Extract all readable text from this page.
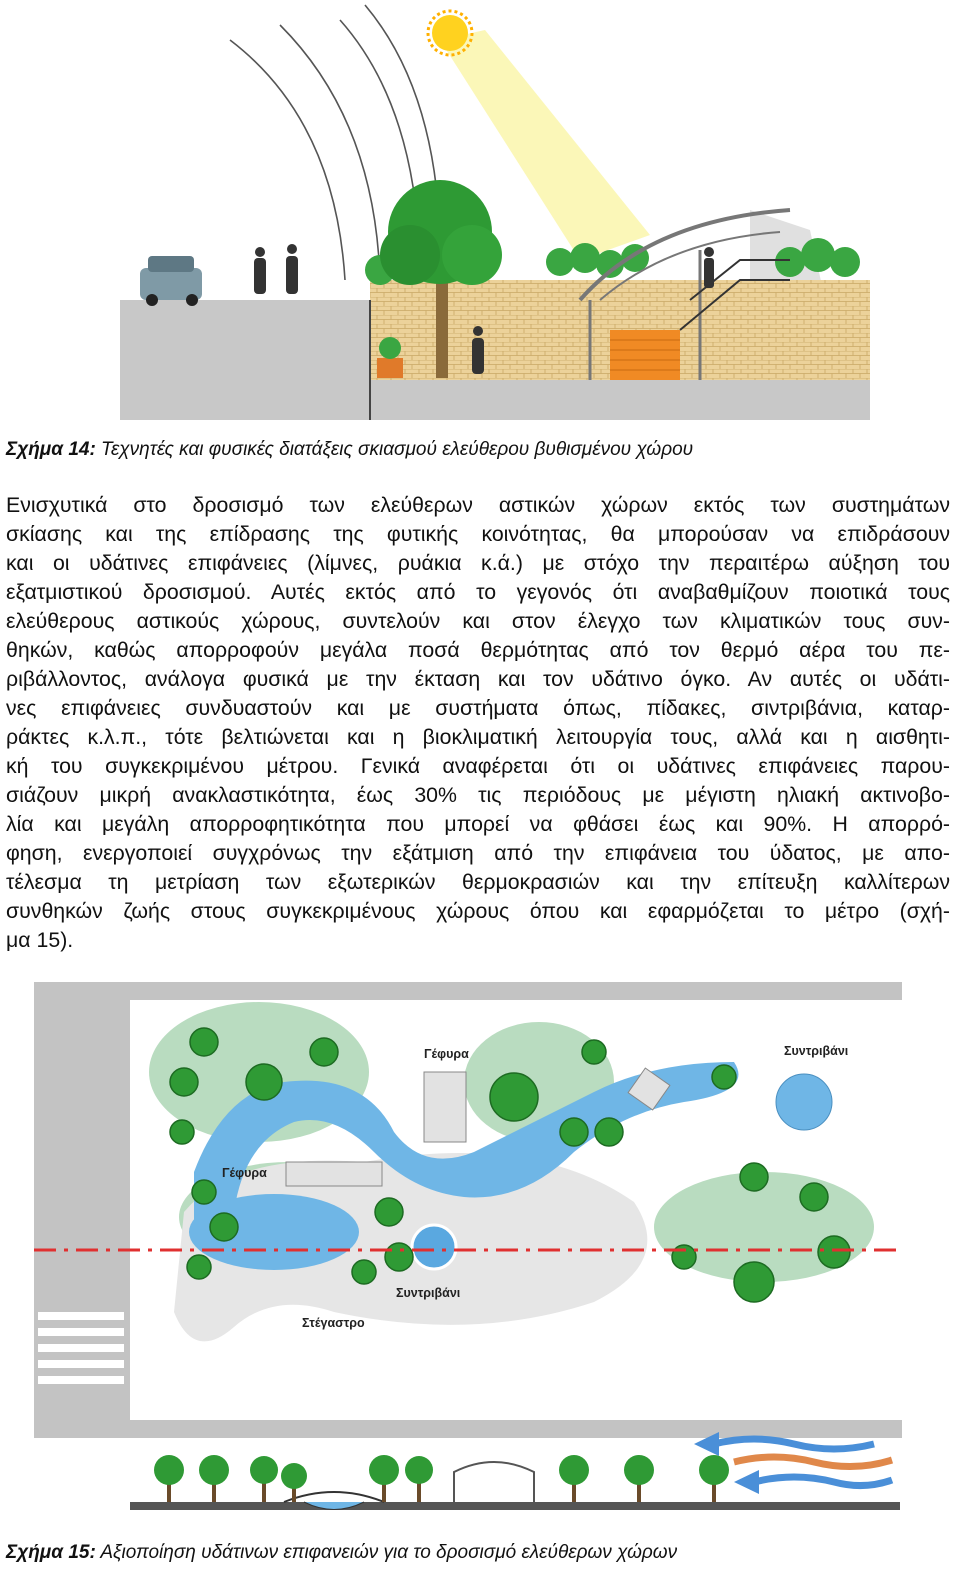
Σχήμα 14: Τεχνητές και φυσικές διατάξεις σκιασμού ελεύθερου βυθισμένου χώρου
Ενισχυτικά στο δροσισμό των ελεύθερων αστικών χώρων εκτός των συστημάτων
σκίασης και της επίδρασης της φυτικής κοινότητας, θα μπορούσαν να επιδράσουν
και οι υδάτινες επιφάνειες (λίμνες, ρυάκια κ.ά.) με στόχο την περαιτέρω αύξηση του
εξατμιστικού δροσισμού. Αυτές εκτός από το γεγονός ότι αναβαθμίζουν ποιοτικά τους
ελεύθερους αστικούς χώρους, συντελούν και στον έλεγχο των κλιματικών τους συν-
θηκών, καθώς απορροφούν μεγάλα ποσά θερμότητας από τον θερμό αέρα του πε-
ριβάλλοντος, ανάλογα φυσικά με την έκταση και τον υδάτινο όγκο. Αν αυτές οι υδάτι-
νες επιφάνειες συνδυαστούν και με συστήματα όπως, πίδακες, σιντριβάνια, καταρ-
ράκτες κ.λ.π., τότε βελτιώνεται και η βιοκλιματική λειτουργία τους, αλλά και η αισθητι-
κή του συγκεκριμένου μέτρου. Γενικά αναφέρεται ότι οι υδάτινες επιφάνειες παρου-
σιάζουν μικρή ανακλαστικότητα, έως 30% τις περιόδους με μέγιστη ηλιακή ακτινοβο-
λία και μεγάλη απορροφητικότητα που μπορεί να φθάσει έως και 90%. Η απορρό-
φηση, ενεργοποιεί συγχρόνως την εξάτμιση από την επιφάνεια του ύδατος, με απο-
τέλεσμα τη μετρίαση των εξωτερικών θερμοκρασιών και την επίτευξη καλλίτερων
συνθηκών ζωής στους συγκεκριμένους χώρους όπου και εφαρμόζεται το μέτρο (σχή-
μα 15).
Γέφυρα	Συντριβάνι
Γέφυρα
Συντριβάνι
Στέγαστρο
Σχήμα 15: Αξιοποίηση υδάτινων επιφανειών για το δροσισμό ελεύθερων χώρων
